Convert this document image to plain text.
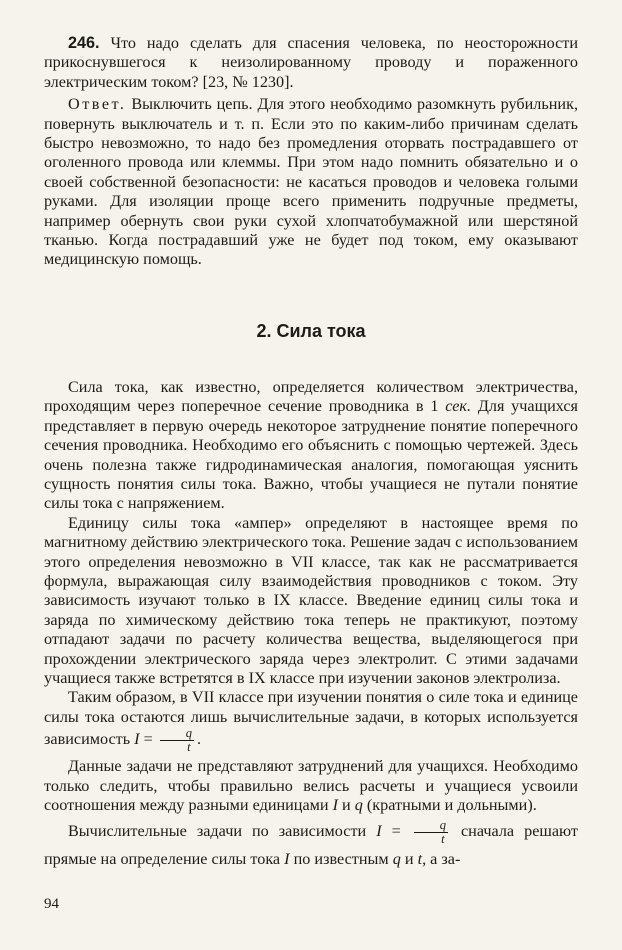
246. Что надо сделать для спасения человека, по неосторожности прикоснувшегося к неизолированному проводу и пораженного электрическим током? [23, № 1230].

Ответ. Выключить цепь. Для этого необходимо разомкнуть рубильник, повернуть выключатель и т. п. Если это по каким-либо причинам сделать быстро невозможно, то надо без промедления оторвать пострадавшего от оголенного провода или клеммы. При этом надо помнить обязательно и о своей собственной безопасности: не касаться проводов и человека голыми руками. Для изоляции проще всего применить подручные предметы, например обернуть свои руки сухой хлопчатобумажной или шерстяной тканью. Когда пострадавший уже не будет под током, ему оказывают медицинскую помощь.

2. Сила тока

Сила тока, как известно, определяется количеством электричества, проходящим через поперечное сечение проводника в 1 сек. Для учащихся представляет в первую очередь некоторое затруднение понятие поперечного сечения проводника. Необходимо его объяснить с помощью чертежей. Здесь очень полезна также гидродинамическая аналогия, помогающая уяснить сущность понятия силы тока. Важно, чтобы учащиеся не путали понятие силы тока с напряжением.

Единицу силы тока «ампер» определяют в настоящее время по магнитному действию электрического тока. Решение задач с использованием этого определения невозможно в VII классе, так как не рассматривается формула, выражающая силу взаимодействия проводников с током. Эту зависимость изучают только в IX классе. Введение единиц силы тока и заряда по химическому действию тока теперь не практикуют, поэтому отпадают задачи по расчету количества вещества, выделяющегося при прохождении электрического заряда через электролит. С этими задачами учащиеся также встретятся в IX классе при изучении законов электролиза.

Таким образом, в VII классе при изучении понятия о силе тока и единице силы тока остаются лишь вычислительные задачи, в которых используется зависимость $I = \frac{q}{t}$ .

Данные задачи не представляют затруднений для учащихся. Необходимо только следить, чтобы правильно велись расчеты и учащиеся усвоили соотношения между разными единицами I и q (кратными и дольными).

Вычислительные задачи по зависимости $I = \frac{q}{t}$ сначала решают прямые на определение силы тока I по известным q и t, а за-

94
